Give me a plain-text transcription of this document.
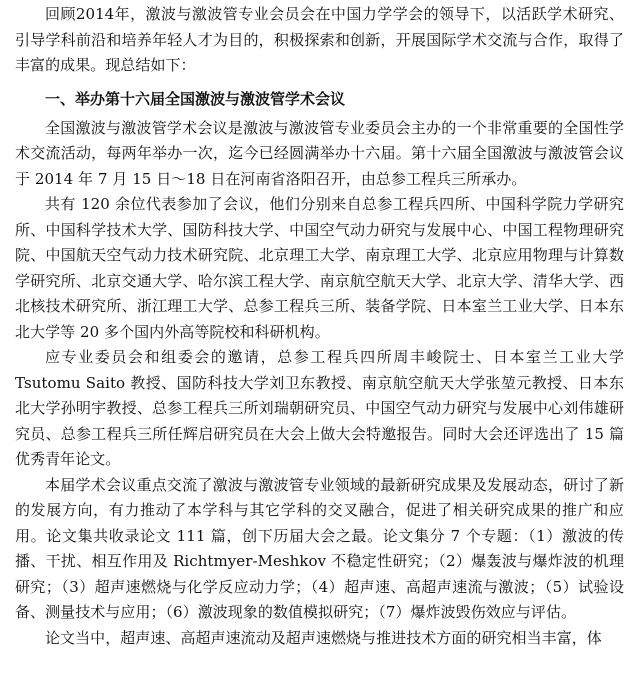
回顾2014年，激波与激波管专业会员会在中国力学学会的领导下，以活跃学术研究、引导学科前沿和培养年轻人才为目的，积极探索和创新，开展国际学术交流与合作，取得了丰富的成果。现总结如下：

一、举办第十六届全国激波与激波管学术会议

全国激波与激波管学术会议是激波与激波管专业委员会主办的一个非常重要的全国性学术交流活动，每两年举办一次，迄今已经圆满举办十六届。第十六届全国激波与激波管会议于 2014 年 7 月 15 日～18 日在河南省洛阳召开，由总参工程兵三所承办。

共有 120 余位代表参加了会议，他们分别来自总参工程兵四所、中国科学院力学研究所、中国科学技术大学、国防科技大学、中国空气动力研究与发展中心、中国工程物理研究院、中国航天空气动力技术研究院、北京理工大学、南京理工大学、北京应用物理与计算数学研究所、北京交通大学、哈尔滨工程大学、南京航空航天大学、北京大学、清华大学、西北核技术研究所、浙江理工大学、总参工程兵三所、装备学院、日本室兰工业大学、日本东北大学等 20 多个国内外高等院校和科研机构。

应专业委员会和组委会的邀请，总参工程兵四所周丰峻院士、日本室兰工业大学 Tsutomu Saito 教授、国防科技大学刘卫东教授、南京航空航天大学张堃元教授、日本东北大学孙明宇教授、总参工程兵三所刘瑞朝研究员、中国空气动力研究与发展中心刘伟雄研究员、总参工程兵三所任辉启研究员在大会上做大会特邀报告。同时大会还评选出了 15 篇优秀青年论文。

本届学术会议重点交流了激波与激波管专业领域的最新研究成果及发展动态，研讨了新的发展方向，有力推动了本学科与其它学科的交叉融合，促进了相关研究成果的推广和应用。论文集共收录论文 111 篇，创下历届大会之最。论文集分 7 个专题：（1）激波的传播、干扰、相互作用及 Richtmyer-Meshkov 不稳定性研究；（2）爆轰波与爆炸波的机理研究；（3）超声速燃烧与化学反应动力学；（4）超声速、高超声速流与激波；（5）试验设备、测量技术与应用；（6）激波现象的数值模拟研究；（7）爆炸波毁伤效应与评估。

论文当中，超声速、高超声速流动及超声速燃烧与推进技术方面的研究相当丰富，体
